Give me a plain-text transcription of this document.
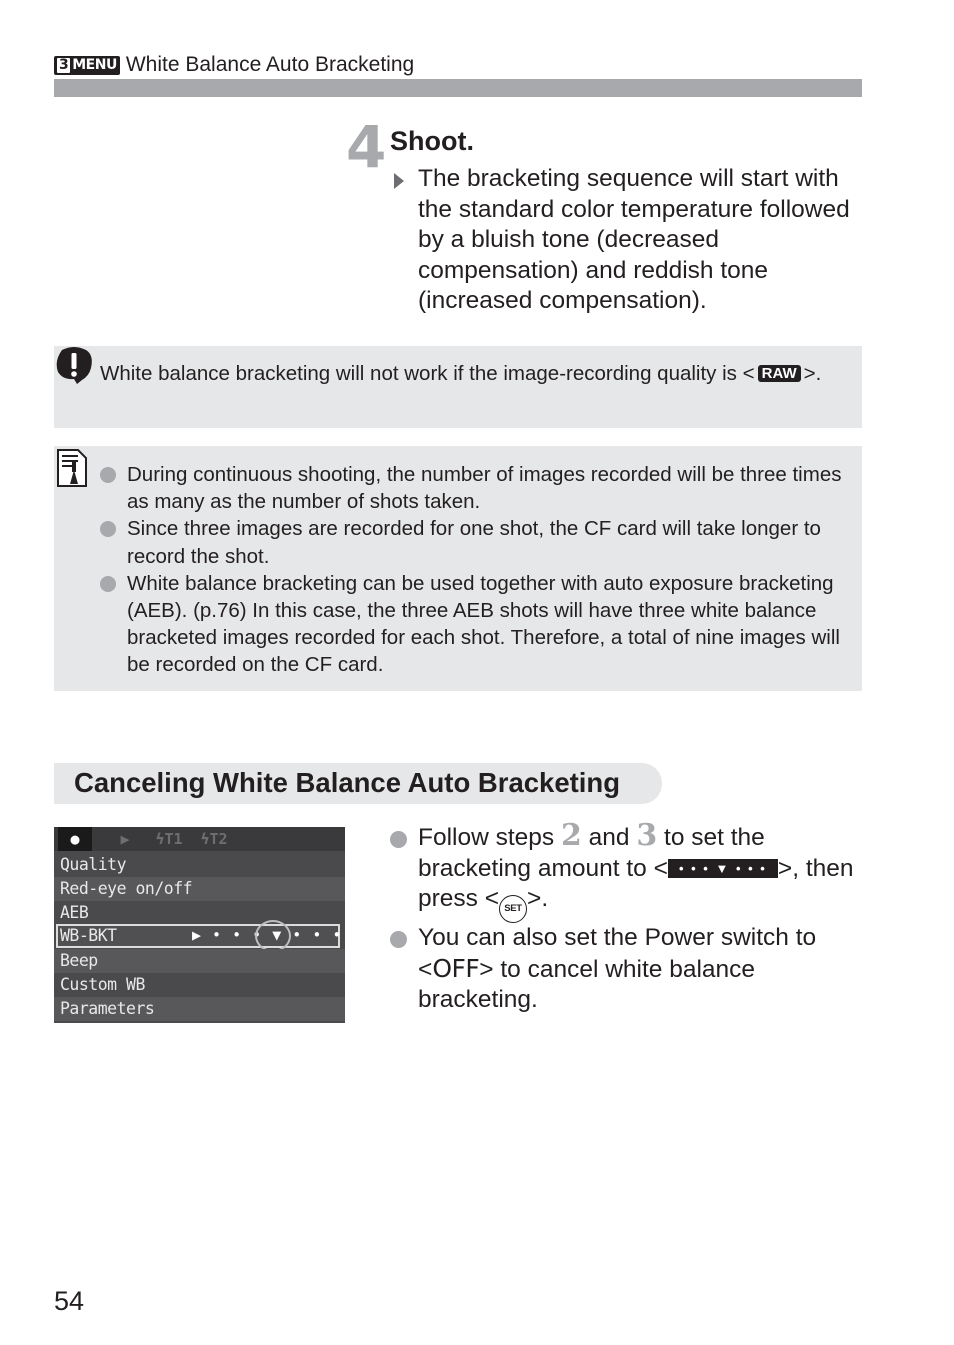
3 MENU White Balance Auto Bracketing
4 Shoot.

The bracketing sequence will start with the standard color temperature followed by a bluish tone (decreased compensation) and reddish tone (increased compensation).

White balance bracketing will not work if the image-recording quality is < RAW >.
During continuous shooting, the number of images recorded will be three times as many as the number of shots taken.
Since three images are recorded for one shot, the CF card will take longer to record the shot.
White balance bracketing can be used together with auto exposure bracketing (AEB). (p.76) In this case, the three AEB shots will have three white balance bracketed images recorded for each shot. Therefore, a total of nine images will be recorded on the CF card.
Canceling White Balance Auto Bracketing
●	▶	ϟT1	ϟT2
Quality
Red-eye on/off
AEB
WB-BKT	▶ • • • ▼ • • •
Beep
Custom WB
Parameters
Follow steps 2 and 3 to set the bracketing amount to < • • • ▼ • • • >, then press < SET >.
You can also set the Power switch to <OFF> to cancel white balance bracketing.
54
